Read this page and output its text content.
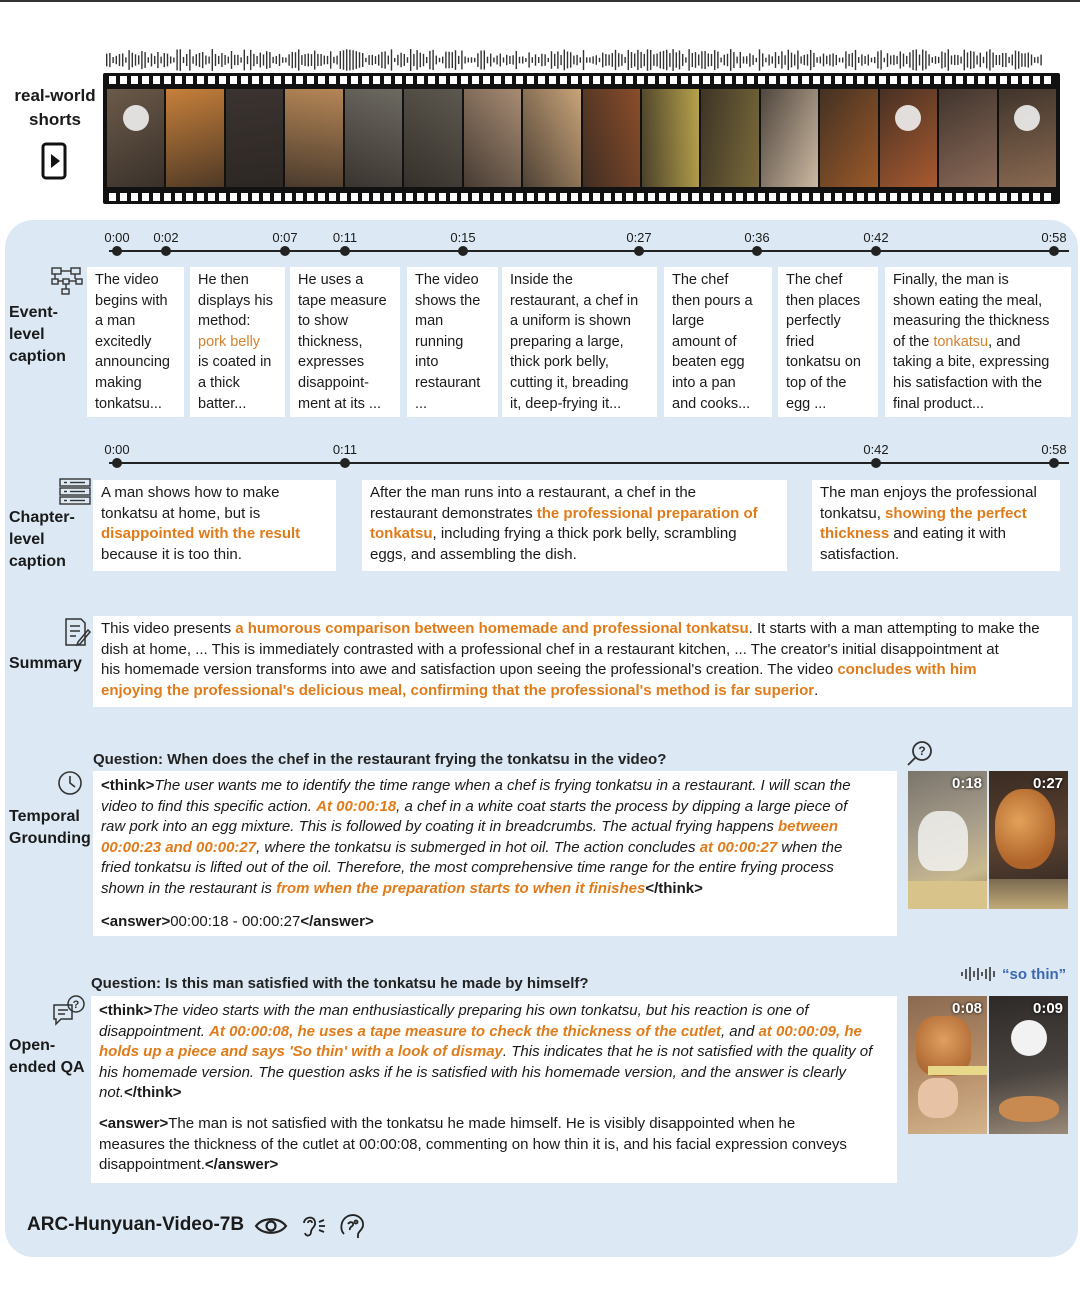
real-world
shorts
0:00 0:02	0:07	0:11	0:15	0:27	0:36	0:42	0:58
Event-
level
caption
The video
begins with
a man
excitedly
announcing
making
tonkatsu...
He then
displays his
method:
pork belly
is coated in
a thick
batter...
He uses a
tape measure
to show
thickness,
expresses
disappoint-
ment at its ...
The video
shows the
man
running
into
restaurant
...
Inside the
restaurant, a chef in
a uniform is shown
preparing a large,
thick pork belly,
cutting it, breading
it, deep-frying it...
The chef
then pours a
large
amount of
beaten egg
into a pan
and cooks...
The chef
then places
perfectly
fried
tonkatsu on
top of the
egg ...
Finally, the man is
shown eating the meal,
measuring the thickness
of the tonkatsu, and
taking a bite, expressing
his satisfaction with the
final product...
0:00	0:11	0:42	0:58
Chapter-
level
caption
A man shows how to make
tonkatsu at home, but is
disappointed with the result
because it is too thin.
After the man runs into a restaurant, a chef in the
restaurant demonstrates the professional preparation of
tonkatsu, including frying a thick pork belly, scrambling
eggs, and assembling the dish.
The man enjoys the professional
tonkatsu, showing the perfect
thickness and eating it with
satisfaction.
Summary
This video presents a humorous comparison between homemade and professional tonkatsu. It starts with a man attempting to make the
dish at home, ... This is immediately contrasted with a professional chef in a restaurant kitchen, ... The creator's initial disappointment at
his homemade version transforms into awe and satisfaction upon seeing the professional's creation. The video concludes with him
enjoying the professional's delicious meal, confirming that the professional's method is far superior.
Temporal
Grounding
Question: When does the chef in the restaurant frying the tonkatsu in the video?
<think>The user wants me to identify the time range when a chef is frying tonkatsu in a restaurant. I will scan the
video to find this specific action. At 00:00:18, a chef in a white coat starts the process by dipping a large piece of
raw pork into an egg mixture. This is followed by coating it in breadcrumbs. The actual frying happens between
00:00:23 and 00:00:27, where the tonkatsu is submerged in hot oil. The action concludes at 00:00:27 when the
fried tonkatsu is lifted out of the oil. Therefore, the most comprehensive time range for the entire frying process
shown in the restaurant is from when the preparation starts to when it finishes</think>
<answer>00:00:18 - 00:00:27</answer>
?
0:18	0:27
?
Open-
ended QA
Question: Is this man satisfied with the tonkatsu he made by himself?
“so thin”
<think>The video starts with the man enthusiastically preparing his own tonkatsu, but his reaction is one of
disappointment. At 00:00:08, he uses a tape measure to check the thickness of the cutlet, and at 00:00:09, he
holds up a piece and says 'So thin' with a look of dismay. This indicates that he is not satisfied with the quality of
his homemade version. The question asks if he is satisfied with his homemade version, and the answer is clearly
not.</think>
<answer>The man is not satisfied with the tonkatsu he made himself. He is visibly disappointed when he
measures the thickness of the cutlet at 00:00:08, commenting on how thin it is, and his facial expression conveys
disappointment.</answer>
0:08	0:09
ARC-Hunyuan-Video-7B
